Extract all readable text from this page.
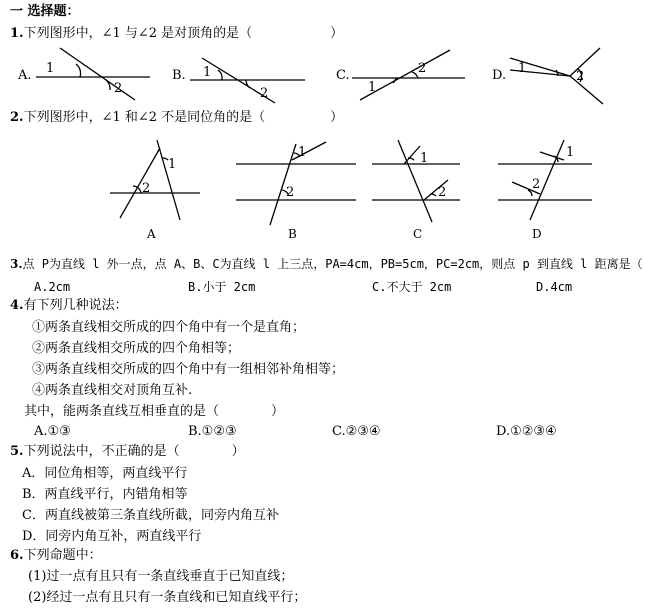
一 选择题：
1.下列图形中，∠1 与∠2 是对顶角的是（　　　　　　）
A.	B.	C.	D.
1
2
1
2	1
2	1
2
2.下列图形中，∠1 和∠2 不是同位角的是（　　　　　）
1
2
A
1
2
B
1
2
C
1
2
D
3.点 P为直线 l 外一点，点 A、B、C为直线 l 上三点，PA=4cm，PB=5cm，PC=2cm，则点 p 到直线 l 距离是（
A.2cm	B.小于 2cm	C.不大于 2cm	D.4cm
4.有下列几种说法：
①两条直线相交所成的四个角中有一个是直角；
②两条直线相交所成的四个角相等；
③两条直线相交所成的四个角中有一组相邻补角相等；
④两条直线相交对顶角互补.
其中，能两条直线互相垂直的是（　　　　）
A.①③	B.①②③	C.②③④	D.①②③④
5.下列说法中，不正确的是（　　　　）
A．同位角相等，两直线平行
B．两直线平行，内错角相等
C．两直线被第三条直线所截，同旁内角互补
D．同旁内角互补，两直线平行
6.下列命题中：
(1)过一点有且只有一条直线垂直于已知直线；
(2)经过一点有且只有一条直线和已知直线平行；
